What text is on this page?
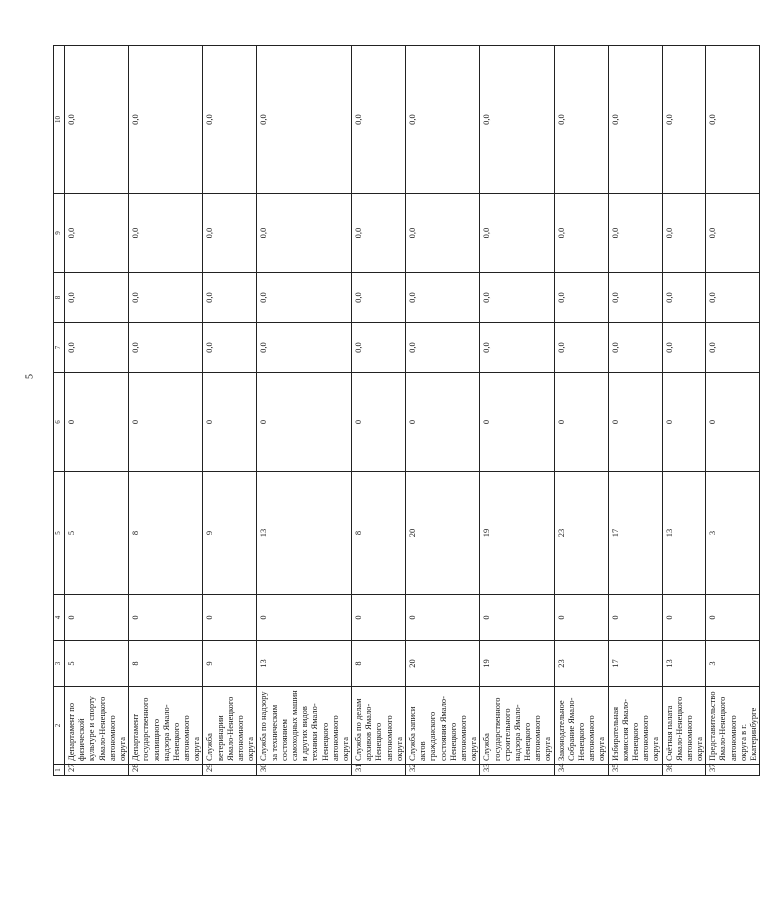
5
1	2	3	4	5	6	7	8	9	10
27	Департамент по физической культуре и спорту Ямало-Ненецкого автономного округа	5	0	5	0	0,0	0,0	0,0	0,0
28	Департамент государственного жилищного надзора Ямало-Ненецкого автономного округа	8	0	8	0	0,0	0,0	0,0	0,0
29	Служба ветеринарии Ямало-Ненецкого автономного округа	9	0	9	0	0,0	0,0	0,0	0,0
30	Служба по надзору за техническим состоянием самоходных машин и других видов техники Ямало-Ненецкого автономного округа	13	0	13	0	0,0	0,0	0,0	0,0
31	Служба по делам архивов Ямало-Ненецкого автономного округа	8	0	8	0	0,0	0,0	0,0	0,0
32	Служба записи актов гражданского состояния Ямало-Ненецкого автономного округа	20	0	20	0	0,0	0,0	0,0	0,0
33	Служба государственного строительного надзора Ямало-Ненецкого автономного округа	19	0	19	0	0,0	0,0	0,0	0,0
34	Законодательное Собрание Ямало-Ненецкого автономного округа	23	0	23	0	0,0	0,0	0,0	0,0
35	Избирательная комиссия Ямало-Ненецкого автономного округа	17	0	17	0	0,0	0,0	0,0	0,0
36	Счётная палата Ямало-Ненецкого автономного округа	13	0	13	0	0,0	0,0	0,0	0,0
37	Представительство Ямало-Ненецкого автономного округа в г. Екатеринбурге	3	0	3	0	0,0	0,0	0,0	0,0
